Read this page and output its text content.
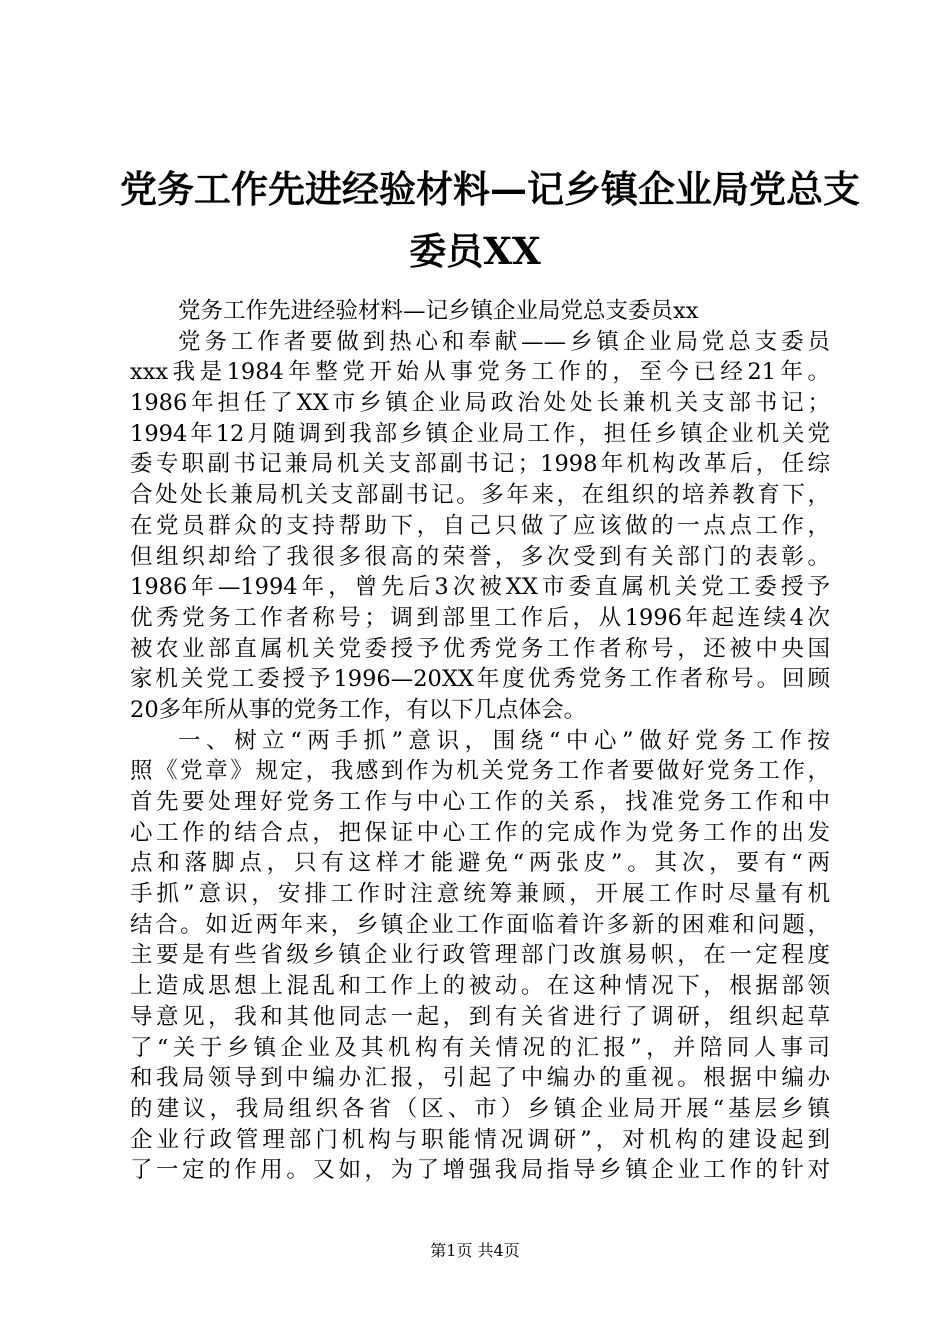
党务工作先进经验材料—记乡镇企业局党总支
委员XX
党务工作先进经验材料—记乡镇企业局党总支委员xx
党务工作者要做到热心和奉献——乡镇企业局党总支委员
xxx我是1984年整党开始从事党务工作的，至今已经21年。
1986年担任了XX市乡镇企业局政治处处长兼机关支部书记；
1994年12月随调到我部乡镇企业局工作，担任乡镇企业机关党
委专职副书记兼局机关支部副书记；1998年机构改革后，任综
合处处长兼局机关支部副书记。多年来，在组织的培养教育下，
在党员群众的支持帮助下，自己只做了应该做的一点点工作，
但组织却给了我很多很高的荣誉，多次受到有关部门的表彰。
1986年—1994年，曾先后3次被XX市委直属机关党工委授予
优秀党务工作者称号；调到部里工作后，从1996年起连续4次
被农业部直属机关党委授予优秀党务工作者称号，还被中央国
家机关党工委授予1996—20XX年度优秀党务工作者称号。回顾
20多年所从事的党务工作，有以下几点体会。
一、树立“两手抓”意识，围绕“中心”做好党务工作按
照《党章》规定，我感到作为机关党务工作者要做好党务工作，
首先要处理好党务工作与中心工作的关系，找准党务工作和中
心工作的结合点，把保证中心工作的完成作为党务工作的出发
点和落脚点，只有这样才能避免“两张皮”。其次，要有“两
手抓”意识，安排工作时注意统筹兼顾，开展工作时尽量有机
结合。如近两年来，乡镇企业工作面临着许多新的困难和问题，
主要是有些省级乡镇企业行政管理部门改旗易帜，在一定程度
上造成思想上混乱和工作上的被动。在这种情况下，根据部领
导意见，我和其他同志一起，到有关省进行了调研，组织起草
了“关于乡镇企业及其机构有关情况的汇报”，并陪同人事司
和我局领导到中编办汇报，引起了中编办的重视。根据中编办
的建议，我局组织各省（区、市）乡镇企业局开展“基层乡镇
企业行政管理部门机构与职能情况调研”，对机构的建设起到
了一定的作用。又如，为了增强我局指导乡镇企业工作的针对
第1页 共4页
